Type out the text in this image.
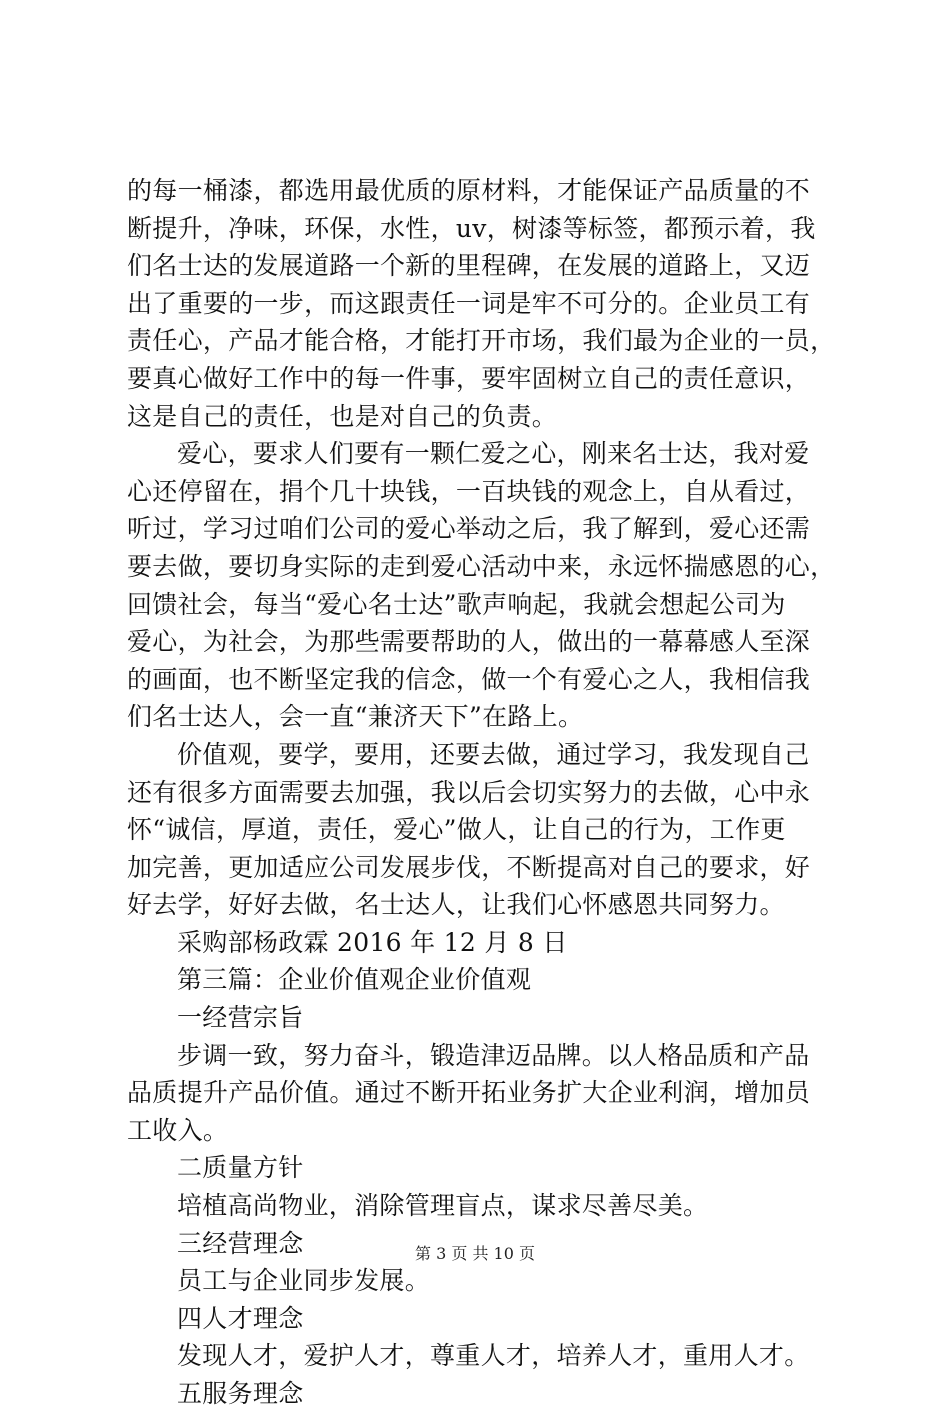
的每一桶漆，都选用最优质的原材料，才能保证产品质量的不
断提升，净味，环保，水性，uv，树漆等标签，都预示着，我
们名士达的发展道路一个新的里程碑，在发展的道路上，又迈
出了重要的一步，而这跟责任一词是牢不可分的。企业员工有
责任心，产品才能合格，才能打开市场，我们最为企业的一员，
要真心做好工作中的每一件事，要牢固树立自己的责任意识，
这是自己的责任，也是对自己的负责。
爱心，要求人们要有一颗仁爱之心，刚来名士达，我对爱
心还停留在，捐个几十块钱，一百块钱的观念上，自从看过，
听过，学习过咱们公司的爱心举动之后，我了解到，爱心还需
要去做，要切身实际的走到爱心活动中来，永远怀揣感恩的心，
回馈社会，每当“爱心名士达”歌声响起，我就会想起公司为
爱心，为社会，为那些需要帮助的人，做出的一幕幕感人至深
的画面，也不断坚定我的信念，做一个有爱心之人，我相信我
们名士达人，会一直“兼济天下”在路上。
价值观，要学，要用，还要去做，通过学习，我发现自己
还有很多方面需要去加强，我以后会切实努力的去做，心中永
怀“诚信，厚道，责任，爱心”做人，让自己的行为，工作更
加完善，更加适应公司发展步伐，不断提高对自己的要求，好
好去学，好好去做，名士达人，让我们心怀感恩共同努力。
采购部杨政霖 2016 年 12 月 8 日
第三篇：企业价值观企业价值观
一经营宗旨
步调一致，努力奋斗，锻造津迈品牌。以人格品质和产品
品质提升产品价值。通过不断开拓业务扩大企业利润，增加员
工收入。
二质量方针
培植高尚物业，消除管理盲点，谋求尽善尽美。
三经营理念
员工与企业同步发展。
四人才理念
发现人才，爱护人才，尊重人才，培养人才，重用人才。
五服务理念
第 3 页 共 10 页
